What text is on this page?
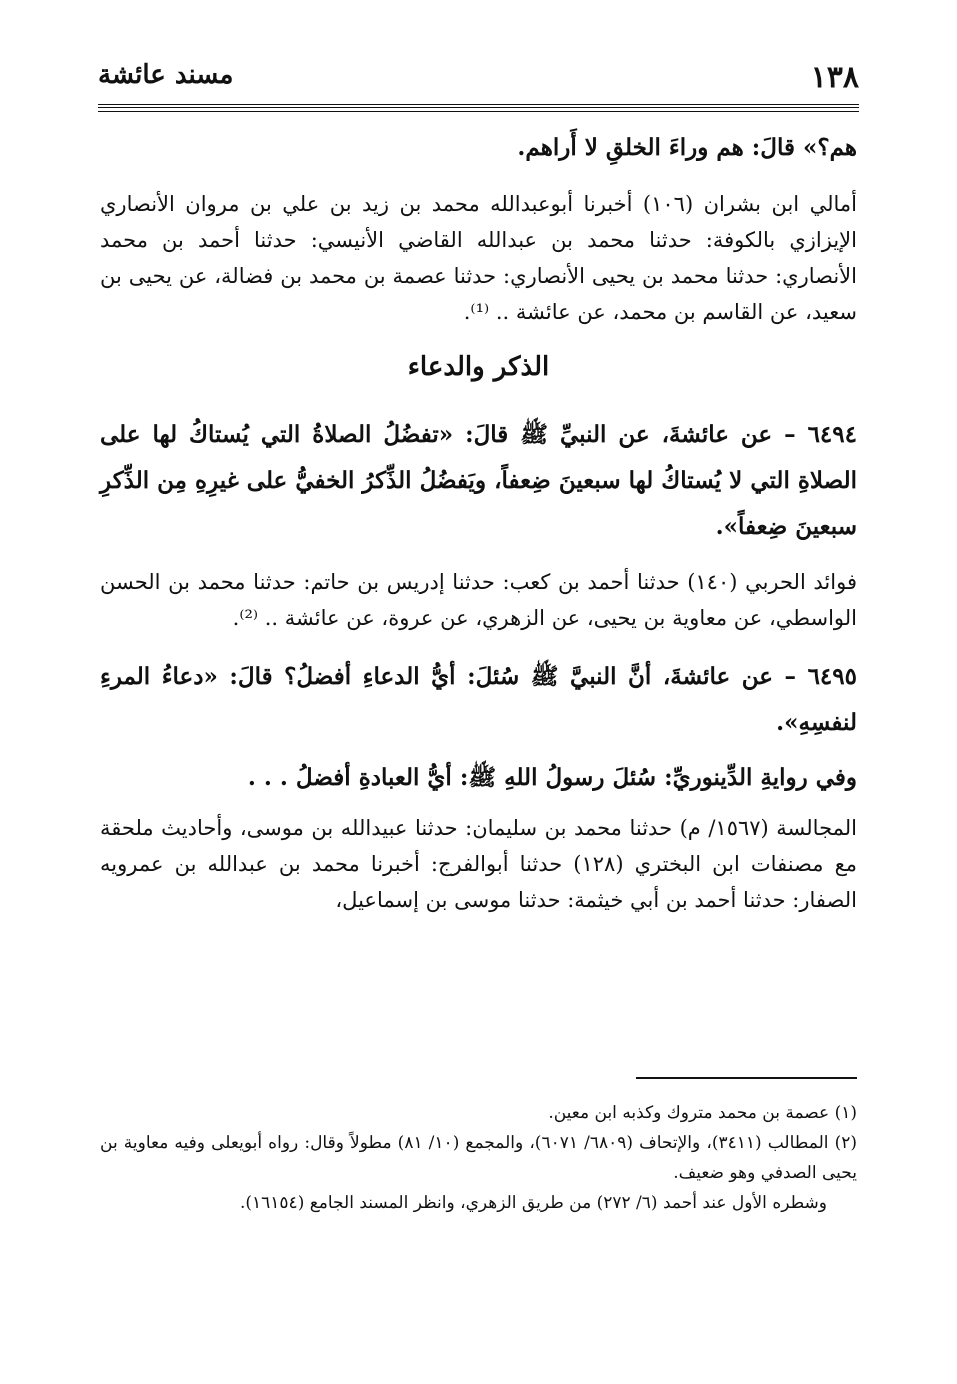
١٣٨
مسند عائشة

هم؟» قالَ: هم وراءَ الخلقِ لا أَراهم.

أمالي ابن بشران (١٠٦) أخبرنا أبوعبدالله محمد بن زيد بن علي بن مروان الأنصاري الإيزازي بالكوفة: حدثنا محمد بن عبدالله القاضي الأنيسي: حدثنا أحمد بن محمد الأنصاري: حدثنا محمد بن يحيى الأنصاري: حدثنا عصمة بن محمد بن فضالة، عن يحيى بن سعيد، عن القاسم بن محمد، عن عائشة .. ⁽¹⁾.

الذكر والدعاء

٦٤٩٤ – عن عائشةَ، عن النبيِّ ﷺ قالَ: «تفضُلُ الصلاةُ التي يُستاكُ لها على الصلاةِ التي لا يُستاكُ لها سبعينَ ضِعفاً، ويَفضُلُ الذِّكرُ الخفيُّ على غيرِهِ مِن الذِّكرِ سبعينَ ضِعفاً».

فوائد الحربي (١٤٠) حدثنا أحمد بن كعب: حدثنا إدريس بن حاتم: حدثنا محمد بن الحسن الواسطي، عن معاوية بن يحيى، عن الزهري، عن عروة، عن عائشة .. ⁽²⁾.

٦٤٩٥ – عن عائشةَ، أنَّ النبيَّ ﷺ سُئلَ: أيُّ الدعاءِ أفضلُ؟ قالَ: «دعاءُ المرءِ لنفسِهِ».

وفي روايةِ الدِّينوريِّ: سُئلَ رسولُ اللهِ ﷺ: أيُّ العبادةِ أفضلُ . . .

المجالسة (١٥٦٧/ م) حدثنا محمد بن سليمان: حدثنا عبيدالله بن موسى، وأحاديث ملحقة مع مصنفات ابن البختري (١٢٨) حدثنا أبوالفرج: أخبرنا محمد بن عبدالله بن عمرويه الصفار: حدثنا أحمد بن أبي خيثمة: حدثنا موسى بن إسماعيل،

(١) عصمة بن محمد متروك وكذبه ابن معين.

(٢) المطالب (٣٤١١)، والإتحاف (٦٨٠٩/ ٦٠٧١)، والمجمع (١٠/ ٨١) مطولاً وقال: رواه أبويعلى وفيه معاوية بن يحيى الصدفي وهو ضعيف.

وشطره الأول عند أحمد (٦/ ٢٧٢) من طريق الزهري، وانظر المسند الجامع (١٦١٥٤).
